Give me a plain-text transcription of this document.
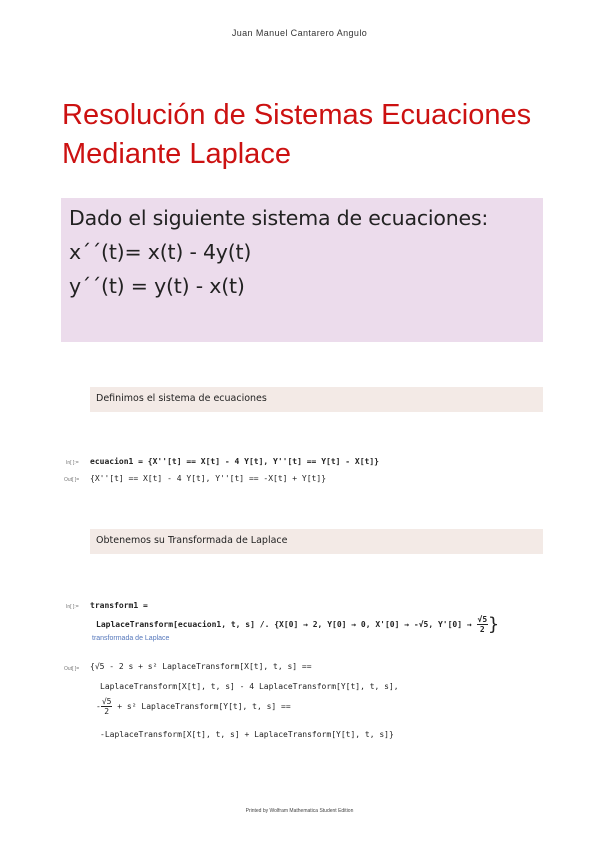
Juan Manuel Cantarero Angulo
Resolución de Sistemas Ecuaciones
Mediante Laplace
Dado el siguiente sistema de ecuaciones:
x´´(t)= x(t) - 4y(t)
y´´(t) = y(t) - x(t)
Definimos el sistema de ecuaciones
In[ ]:= ecuacion1 = {X''[t] == X[t] - 4 Y[t], Y''[t] == Y[t] - X[t]}
Out[ ]= {X''[t] == X[t] - 4 Y[t], Y''[t] == -X[t] + Y[t]}
Obtenemos su Transformada de Laplace
In[ ]:= transform1 =
LaplaceTransform[ecuacion1, t, s] /. {X[0] → 2, Y[0] → 0, X'[0] → -√5, $Y'[0] \to \frac{√5}{2}$ }
transformada de Laplace
Out[ ]= {√5 - 2 s + s² LaplaceTransform[X[t], t, s] ==
LaplaceTransform[X[t], t, s] - 4 LaplaceTransform[Y[t], t, s],
- $\frac{√5}{2} + s^2$ LaplaceTransform[Y[t], t, s] ==
-LaplaceTransform[X[t], t, s] + LaplaceTransform[Y[t], t, s]}
Printed by Wolfram Mathematica Student Edition
